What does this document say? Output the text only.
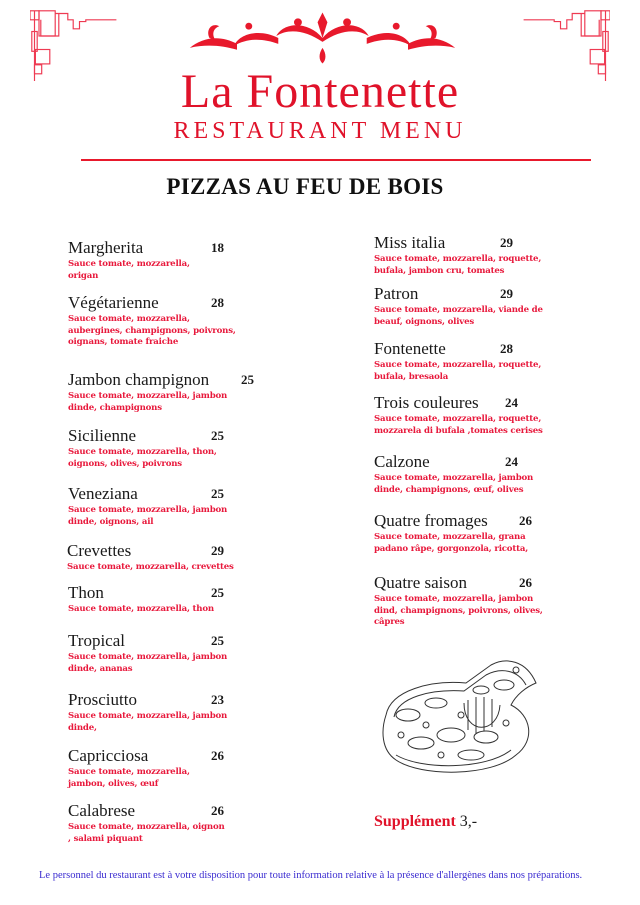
La Fontenette
RESTAURANT MENU
PIZZAS AU FEU DE BOIS
Margherita	18
Sauce tomate, mozzarella, origan
Végétarienne	28
Sauce tomate, mozzarella, aubergines, champignons, poivrons, oignans, tomate fraiche
Jambon champignon	25
Sauce tomate, mozzarella, jambon dinde, champignons
Sicilienne	25
Sauce tomate, mozzarella, thon, oignons, olives, poivrons
Veneziana	25
Sauce tomate, mozzarella, jambon dinde, oignons, ail
Crevettes	29
Sauce tomate, mozzarella, crevettes
Thon	25
Sauce tomate, mozzarella, thon
Tropical	25
Sauce tomate, mozzarella, jambon dinde, ananas
Prosciutto	23
Sauce tomate, mozzarella, jambon dinde,
Capricciosa	26
Sauce tomate, mozzarella, jambon, olives, œuf
Calabrese	26
Sauce tomate, mozzarella, oignon , salami piquant
Miss italia	29
Sauce tomate, mozzarella, roquette, bufala, jambon cru, tomates
Patron	29
Sauce tomate, mozzarella, viande de beauf, oignons, olives
Fontenette	28
Sauce tomate, mozzarella, roquette, bufala, bresaola
Trois couleures	24
Sauce tomate, mozzarella, roquette, mozzarela di bufala ,tomates cerises
Calzone	24
Sauce tomate, mozzarella, jambon dinde, champignons, œuf, olives
Quatre fromages	26
Sauce tomate, mozzarella, grana padano râpe, gorgonzola, ricotta,
Quatre saison	26
Sauce tomate, mozzarella, jambon dind, champignons, poivrons, olives, câpres
Supplément 3,-
Le personnel du restaurant est à votre disposition pour toute information relative à la présence d'allergènes dans nos préparations.
